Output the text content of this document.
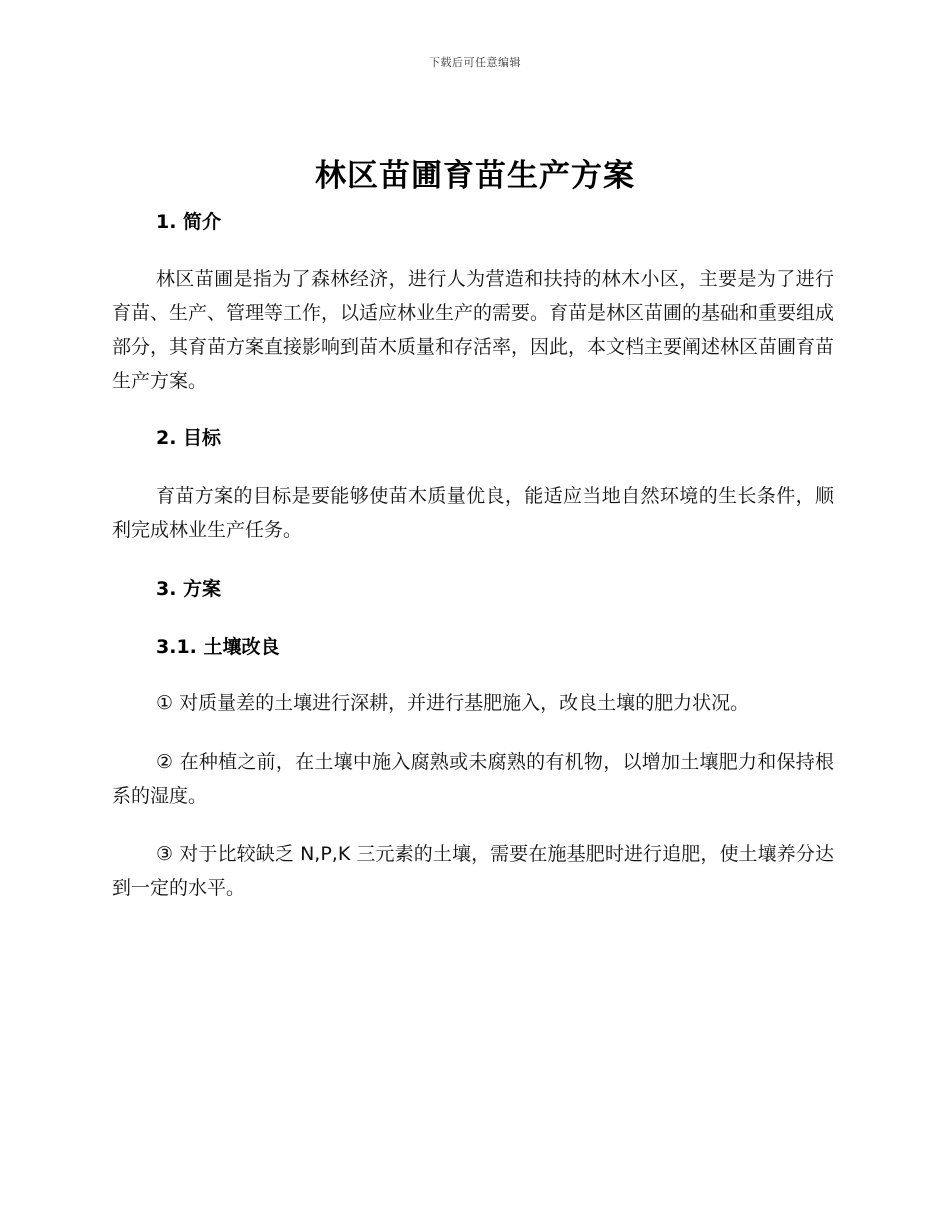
下载后可任意编辑
林区苗圃育苗生产方案
1. 简介

林区苗圃是指为了森林经济，进行人为营造和扶持的林木小区，主要是为了进行育苗、生产、管理等工作，以适应林业生产的需要。育苗是林区苗圃的基础和重要组成部分，其育苗方案直接影响到苗木质量和存活率，因此，本文档主要阐述林区苗圃育苗生产方案。

2. 目标

育苗方案的目标是要能够使苗木质量优良，能适应当地自然环境的生长条件，顺利完成林业生产任务。

3. 方案
3.1. 土壤改良

① 对质量差的土壤进行深耕，并进行基肥施入，改良土壤的肥力状况。

② 在种植之前，在土壤中施入腐熟或未腐熟的有机物，以增加土壤肥力和保持根系的湿度。

③ 对于比较缺乏 N,P,K 三元素的土壤，需要在施基肥时进行追肥，使土壤养分达到一定的水平。
